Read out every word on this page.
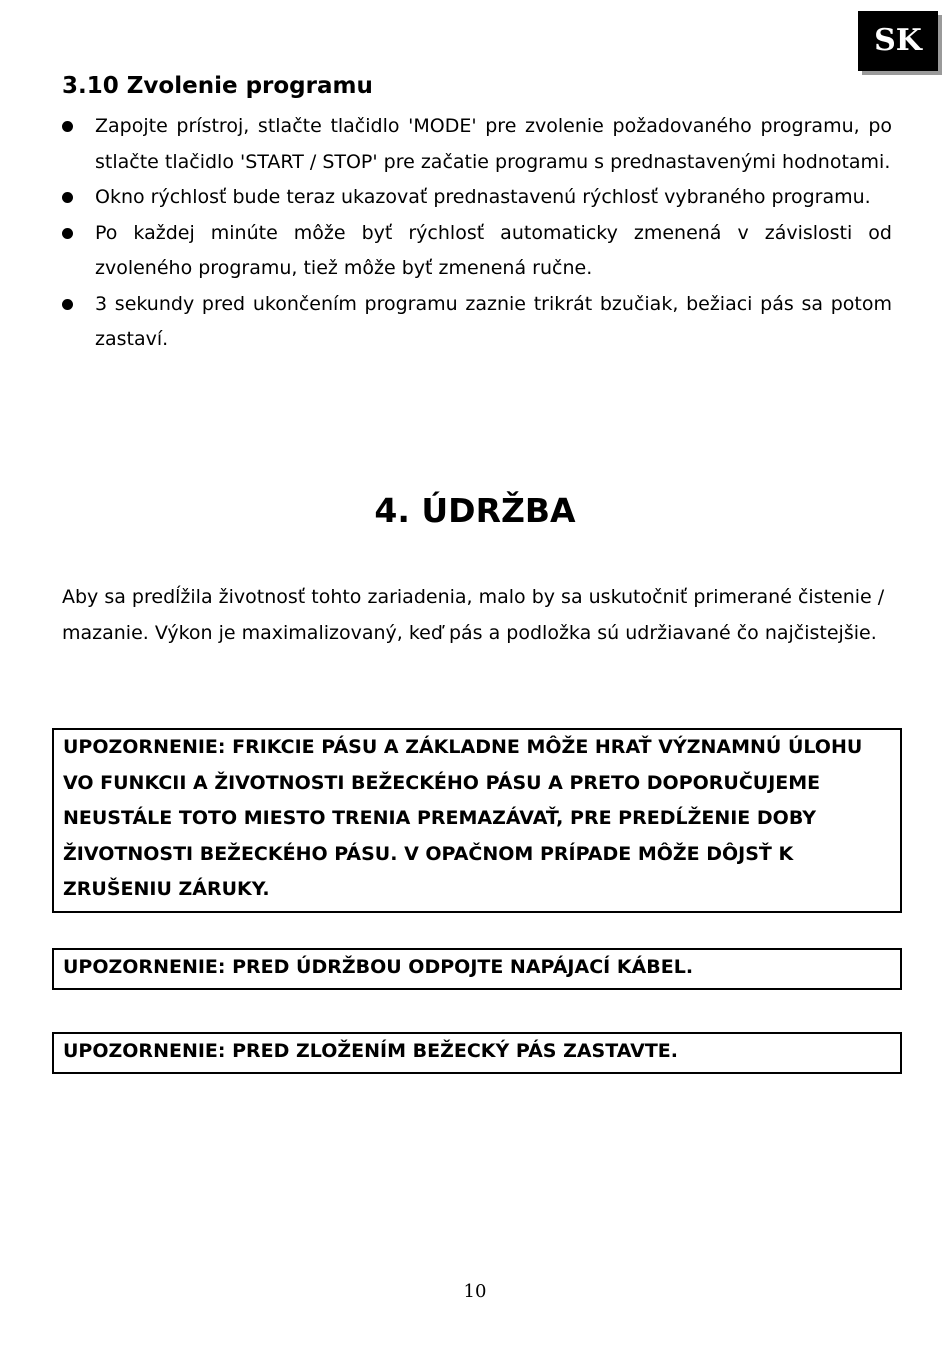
SK
3.10 Zvolenie programu
Zapojte prístroj, stlačte tlačidlo 'MODE' pre zvolenie požadovaného programu, po stlačte tlačidlo 'START / STOP' pre začatie programu s prednastavenými hodnotami.
Okno rýchlosť bude teraz ukazovať prednastavenú rýchlosť vybraného programu.
Po každej minúte môže byť rýchlosť automaticky zmenená v závislosti od zvoleného programu, tiež môže byť zmenená ručne.
3 sekundy pred ukončením programu zaznie trikrát bzučiak, bežiaci pás sa potom zastaví.
4. ÚDRŽBA

Aby sa predĺžila životnosť tohto zariadenia, malo by sa uskutočniť primerané čistenie / mazanie. Výkon je maximalizovaný, keď pás a podložka sú udržiavané čo najčistejšie.

UPOZORNENIE: FRIKCIE PÁSU A ZÁKLADNE MÔŽE HRAŤ VÝZNAMNÚ ÚLOHU VO FUNKCII A ŽIVOTNOSTI BEŽECKÉHO PÁSU A PRETO DOPORUČUJEME NEUSTÁLE TOTO MIESTO TRENIA PREMAZÁVAŤ, PRE PREDĹŽENIE DOBY ŽIVOTNOSTI BEŽECKÉHO PÁSU. V OPAČNOM PRÍPADE MÔŽE DÔJSŤ K ZRUŠENIU ZÁRUKY.

UPOZORNENIE: PRED ÚDRŽBOU ODPOJTE NAPÁJACÍ KÁBEL.

UPOZORNENIE: PRED ZLOŽENÍM BEŽECKÝ PÁS ZASTAVTE.

10
